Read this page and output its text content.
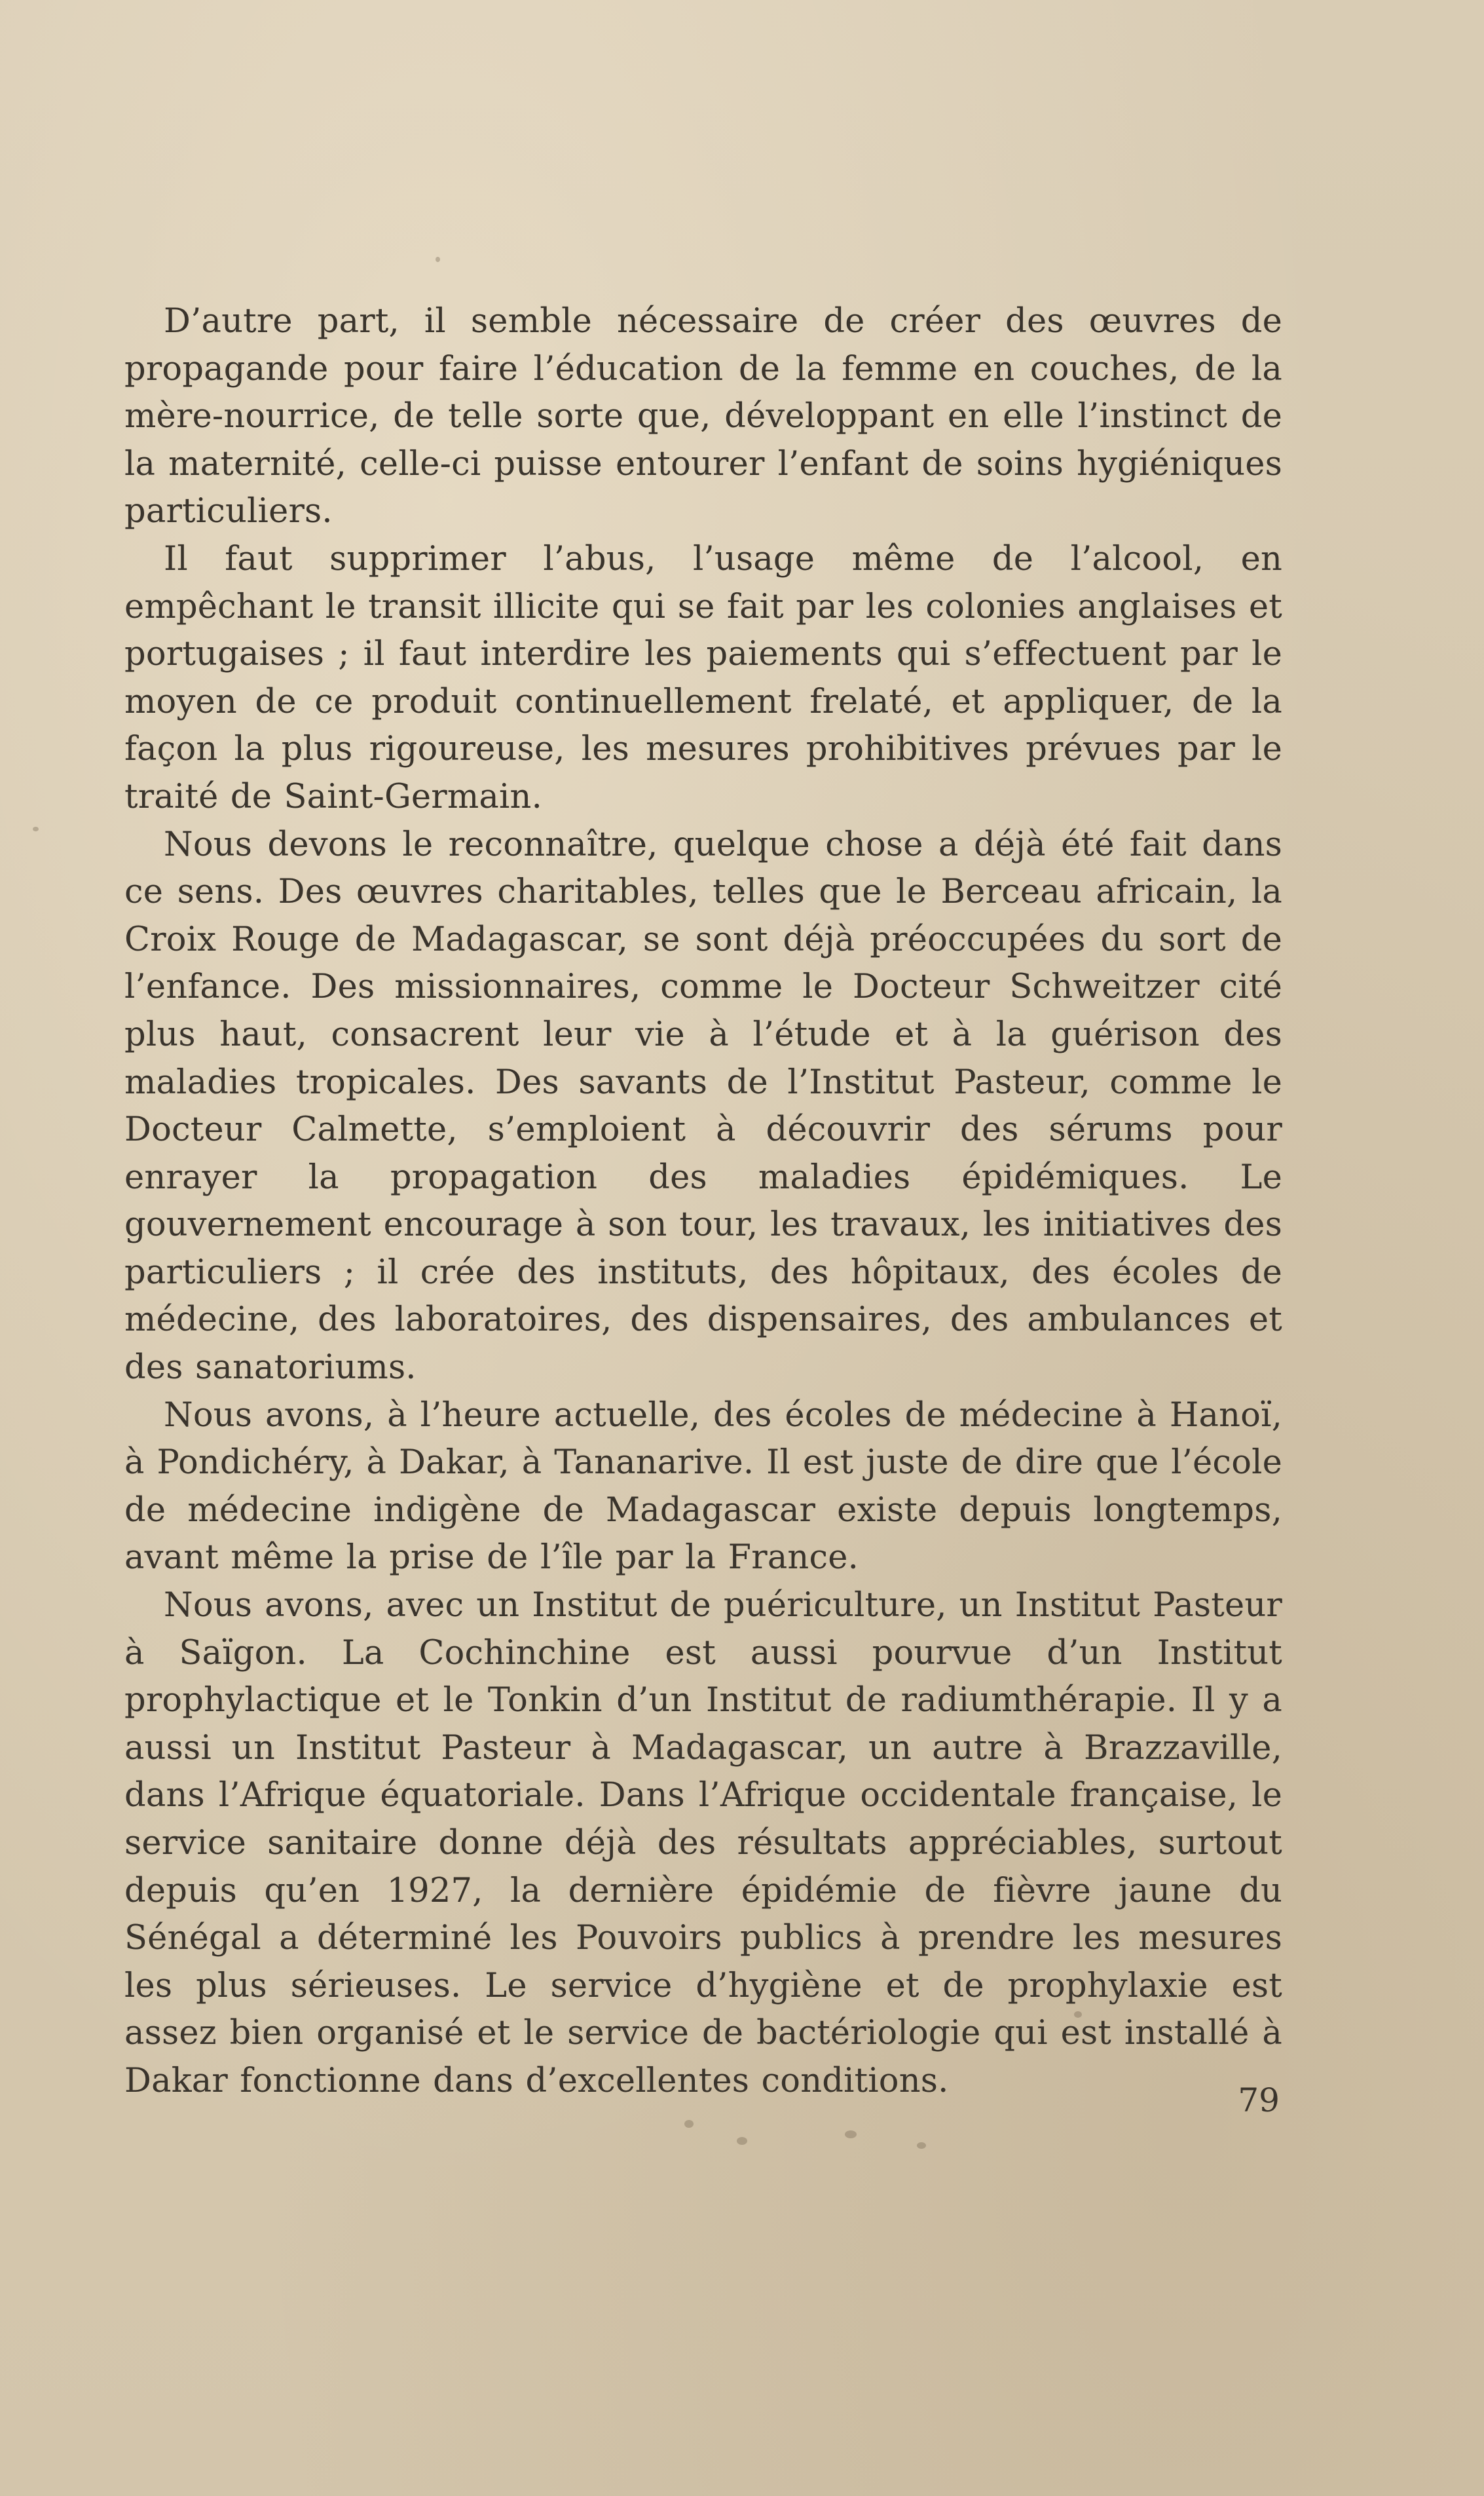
D’autre part, il semble nécessaire de créer des œuvres de propagande pour faire l’éducation de la femme en couches, de la mère-nourrice, de telle sorte que, développant en elle l’instinct de la maternité, celle-ci puisse entourer l’enfant de soins hygiéniques particuliers.

Il faut supprimer l’abus, l’usage même de l’alcool, en empêchant le transit illicite qui se fait par les colonies anglaises et portugaises ; il faut interdire les paiements qui s’effectuent par le moyen de ce produit continuellement frelaté, et appliquer, de la façon la plus rigoureuse, les mesures prohibitives prévues par le traité de Saint-Germain.

Nous devons le reconnaître, quelque chose a déjà été fait dans ce sens. Des œuvres charitables, telles que le Berceau africain, la Croix Rouge de Madagascar, se sont déjà préoccupées du sort de l’enfance. Des missionnaires, comme le Docteur Schweitzer cité plus haut, consacrent leur vie à l’étude et à la guérison des maladies tropicales. Des savants de l’Institut Pasteur, comme le Docteur Calmette, s’emploient à découvrir des sérums pour enrayer la propagation des maladies épidémiques. Le gouvernement encourage à son tour, les travaux, les initiatives des particuliers ; il crée des instituts, des hôpitaux, des écoles de médecine, des laboratoires, des dispensaires, des ambulances et des sanatoriums.

Nous avons, à l’heure actuelle, des écoles de médecine à Hanoï, à Pondichéry, à Dakar, à Tananarive. Il est juste de dire que l’école de médecine indigène de Madagascar existe depuis longtemps, avant même la prise de l’île par la France.

Nous avons, avec un Institut de puériculture, un Institut Pasteur à Saïgon. La Cochinchine est aussi pourvue d’un Institut prophylactique et le Tonkin d’un Institut de radiumthérapie. Il y a aussi un Institut Pasteur à Madagascar, un autre à Brazzaville, dans l’Afrique équatoriale. Dans l’Afrique occidentale française, le service sanitaire donne déjà des résultats appréciables, surtout depuis qu’en 1927, la dernière épidémie de fièvre jaune du Sénégal a déterminé les Pouvoirs publics à prendre les mesures les plus sérieuses. Le service d’hygiène et de prophylaxie est assez bien organisé et le service de bactériologie qui est installé à Dakar fonctionne dans d’excellentes conditions.

79
